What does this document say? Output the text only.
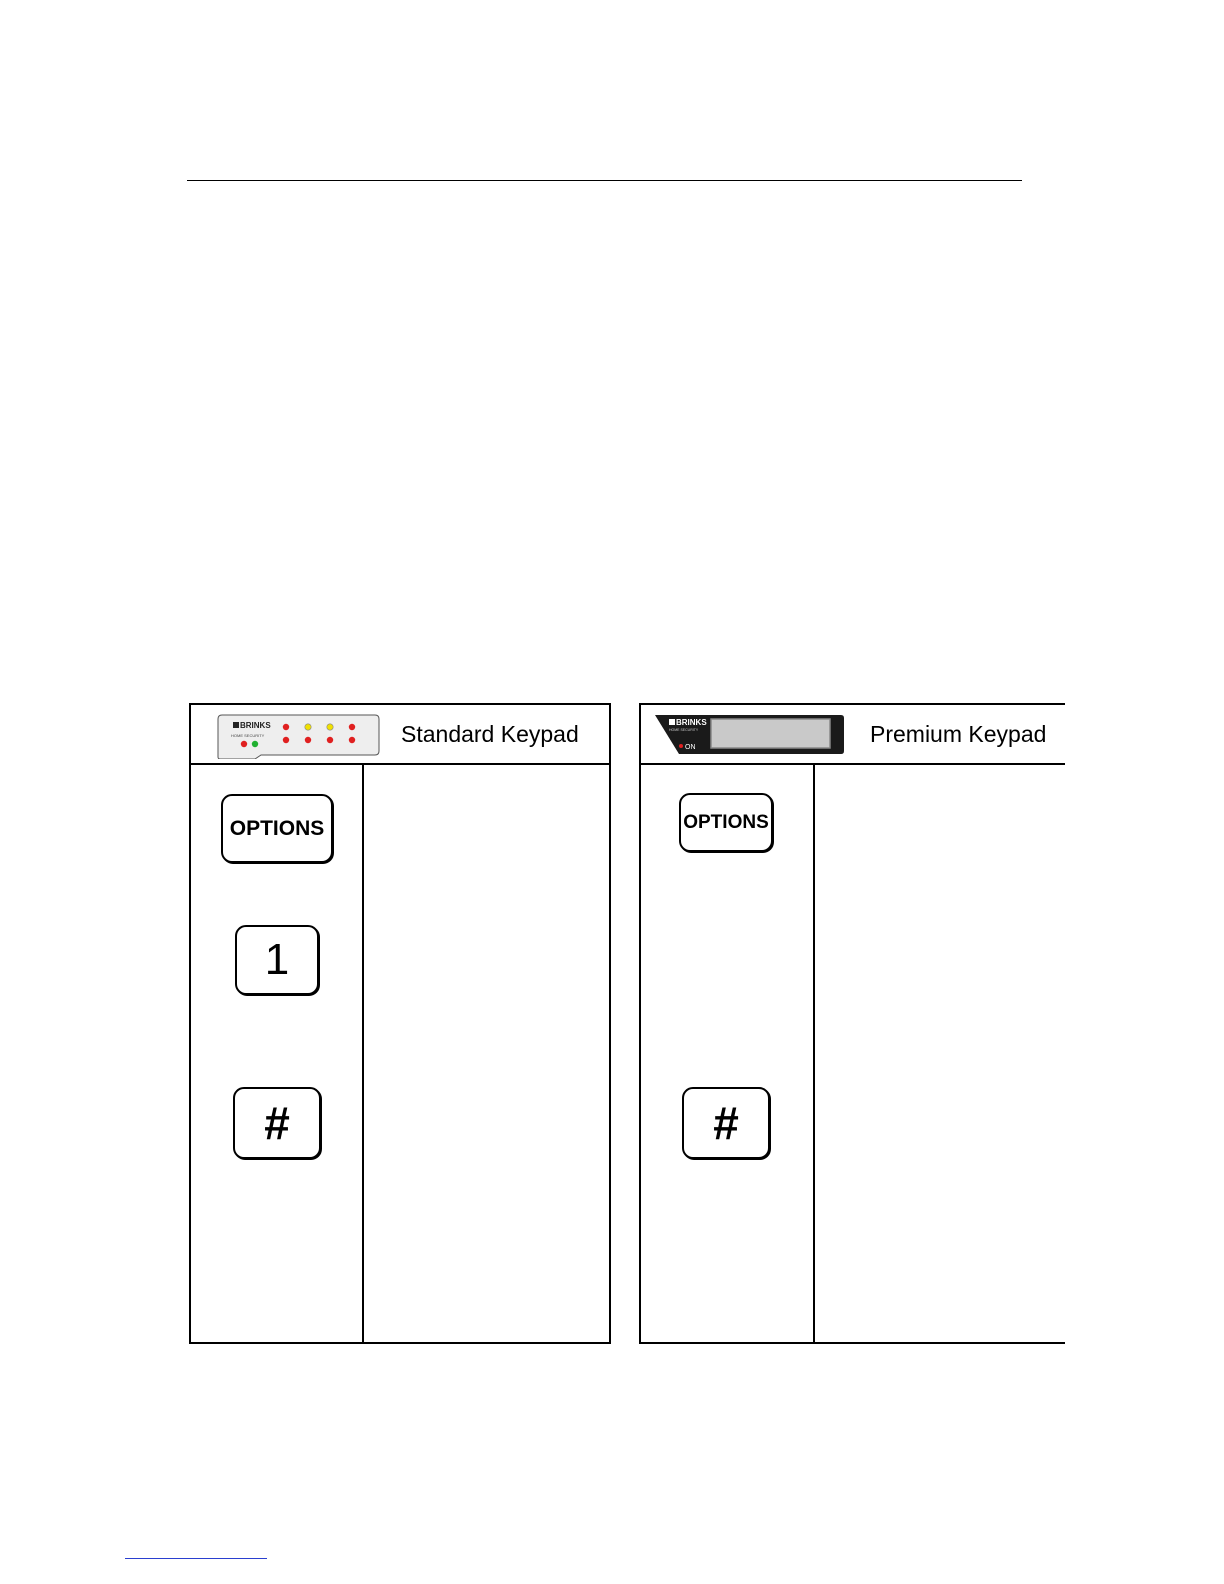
BRINKS
HOME SECURITY	Standard Keypad
OPTIONS
1
#
BRINKS
HOME SECURITY
ON
Premium Keypad
OPTIONS
#
